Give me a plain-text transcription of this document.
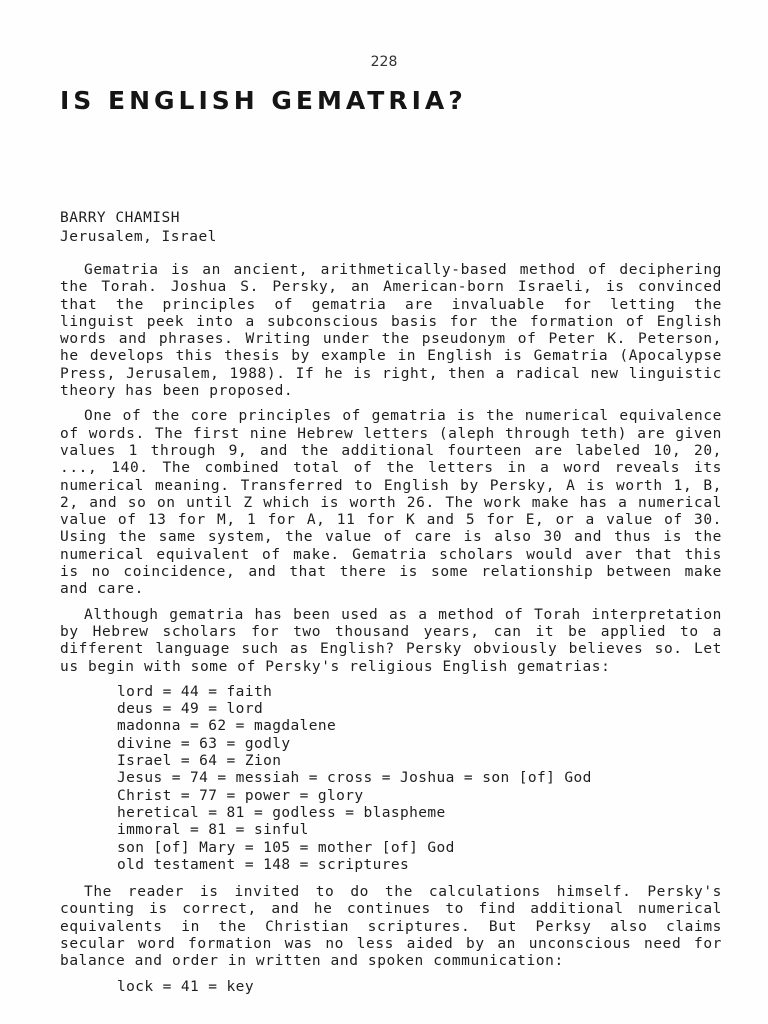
228
IS ENGLISH GEMATRIA?
BARRY CHAMISH
Jerusalem, Israel

Gematria is an ancient, arithmetically-based method of deciphering the Torah. Joshua S. Persky, an American-born Israeli, is convinced that the principles of gematria are invaluable for letting the linguist peek into a subconscious basis for the formation of English words and phrases. Writing under the pseudonym of Peter K. Peterson, he develops this thesis by example in English is Gematria (Apocalypse Press, Jerusalem, 1988). If he is right, then a radical new linguistic theory has been proposed.

One of the core principles of gematria is the numerical equivalence of words. The first nine Hebrew letters (aleph through teth) are given values 1 through 9, and the additional fourteen are labeled 10, 20, ..., 140. The combined total of the letters in a word reveals its numerical meaning. Transferred to English by Persky, A is worth 1, B, 2, and so on until Z which is worth 26. The work make has a numerical value of 13 for M, 1 for A, 11 for K and 5 for E, or a value of 30. Using the same system, the value of care is also 30 and thus is the numerical equivalent of make. Gematria scholars would aver that this is no coincidence, and that there is some relationship between make and care.

Although gematria has been used as a method of Torah interpretation by Hebrew scholars for two thousand years, can it be applied to a different language such as English? Persky obviously believes so. Let us begin with some of Persky's religious English gematrias:

lord = 44 = faith
deus = 49 = lord
madonna = 62 = magdalene
divine = 63 = godly
Israel = 64 = Zion
Jesus = 74 = messiah = cross = Joshua = son [of] God
Christ = 77 = power = glory
heretical = 81 = godless = blaspheme
immoral = 81 = sinful
son [of] Mary = 105 = mother [of] God
old testament = 148 = scriptures

The reader is invited to do the calculations himself. Persky's counting is correct, and he continues to find additional numerical equivalents in the Christian scriptures. But Perksy also claims secular word formation was no less aided by an unconscious need for balance and order in written and spoken communication:

lock = 41 = key
